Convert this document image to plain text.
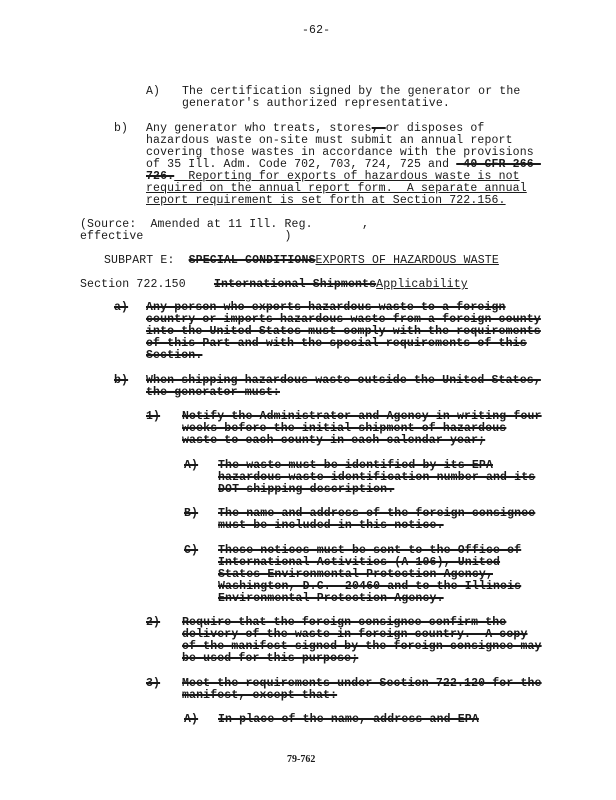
-62-
A) The certification signed by the generator or the
generator's authorized representative.
b) Any generator who treats, stores, or disposes of
hazardous waste on-site must submit an annual report
covering those wastes in accordance with the provisions
of 35 Ill. Adm. Code 702, 703, 724, 725 and -40 CFR 266-
726.  Reporting for exports of hazardous waste is not
required on the annual report form.  A separate annual
report requirement is set forth at Section 722.156.
(Source:  Amended at 11 Ill. Reg.       ,
effective                    )
SUBPART E:  SPECIAL CONDITIONSEXPORTS OF HAZARDOUS WASTE
Section 722.150    International ShipmentsApplicability
a) Any person who exports hazardous waste to a foreign
country or imports hazardous waste from a foreign county
into the United States must comply with the requirements
of this Part and with the special requirements of this
Section.
b) When shipping hazardous waste outside the United States,
the generator must:
1) Notify the Administrator and Agency in writing four
weeks before the initial shipment of hazardous
waste to each county in each calendar year;
A) The waste must be identified by its EPA
hazardous waste identification number and its
DOT shipping description.
B) The name and address of the foreign consignee
must be included in this notice.
C) These notices must be sent to the Office of
International Activities (A-106), United
States Environmental Protection Agency,
Washington, D.C.  20460 and to the Illinois
Environmental Protection Agency.
2) Require that the foreign consignee confirm the
delivery of the waste in foreign country.  A copy
of the manifest signed by the foreign consignee may
be used for this purpose;
3) Meet the requirements under Section 722.120 for the
manifest, except that:
A) In place of the name, address and EPA
79-762
